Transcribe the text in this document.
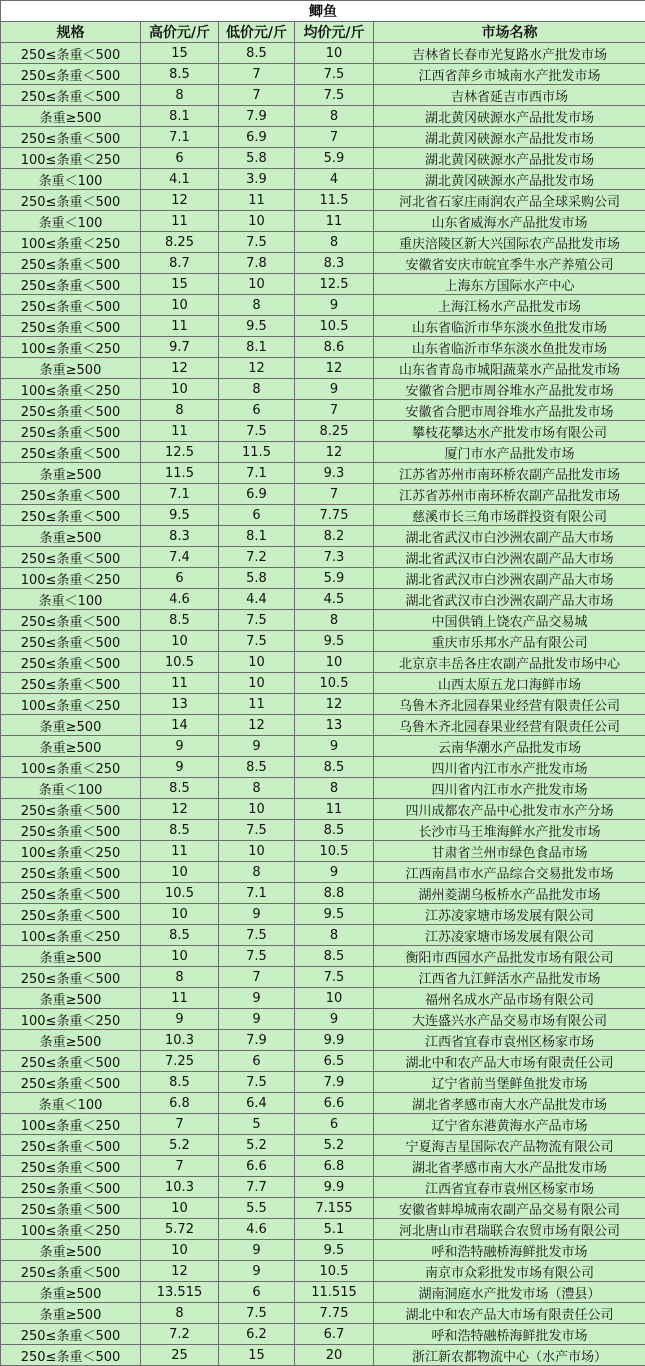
鲫鱼				
规格	高价元/斤	低价元/斤	均价元/斤	市场名称
250≤条重＜500	15	8.5	10	吉林省长春市光复路水产批发市场
250≤条重＜500	8.5	7	7.5	江西省萍乡市城南水产批发市场
250≤条重＜500	8	7	7.5	吉林省延吉市西市场
条重≥500	8.1	7.9	8	湖北黄冈硖源水产品批发市场
250≤条重＜500	7.1	6.9	7	湖北黄冈硖源水产品批发市场
100≤条重＜250	6	5.8	5.9	湖北黄冈硖源水产品批发市场
条重＜100	4.1	3.9	4	湖北黄冈硖源水产品批发市场
250≤条重＜500	12	11	11.5	河北省石家庄雨润农产品全球采购公司
条重＜100	11	10	11	山东省威海水产品批发市场
100≤条重＜250	8.25	7.5	8	重庆涪陵区新大兴国际农产品批发市场
250≤条重＜500	8.7	7.8	8.3	安徽省安庆市皖宜季牛水产养殖公司
250≤条重＜500	15	10	12.5	上海东方国际水产中心
250≤条重＜500	10	8	9	上海江杨水产品批发市场
250≤条重＜500	11	9.5	10.5	山东省临沂市华东淡水鱼批发市场
100≤条重＜250	9.7	8.1	8.6	山东省临沂市华东淡水鱼批发市场
条重≥500	12	12	12	山东省青岛市城阳蔬菜水产品批发市场
100≤条重＜250	10	8	9	安徽省合肥市周谷堆水产品批发市场
250≤条重＜500	8	6	7	安徽省合肥市周谷堆水产品批发市场
250≤条重＜500	11	7.5	8.25	攀枝花攀达水产批发市场有限公司
250≤条重＜500	12.5	11.5	12	厦门市水产品批发市场
条重≥500	11.5	7.1	9.3	江苏省苏州市南环桥农副产品批发市场
250≤条重＜500	7.1	6.9	7	江苏省苏州市南环桥农副产品批发市场
250≤条重＜500	9.5	6	7.75	慈溪市长三角市场群投资有限公司
条重≥500	8.3	8.1	8.2	湖北省武汉市白沙洲农副产品大市场
250≤条重＜500	7.4	7.2	7.3	湖北省武汉市白沙洲农副产品大市场
100≤条重＜250	6	5.8	5.9	湖北省武汉市白沙洲农副产品大市场
条重＜100	4.6	4.4	4.5	湖北省武汉市白沙洲农副产品大市场
250≤条重＜500	8.5	7.5	8	中国供销上饶农产品交易城
250≤条重＜500	10	7.5	9.5	重庆市乐邦水产品有限公司
250≤条重＜500	10.5	10	10	北京京丰岳各庄农副产品批发市场中心
250≤条重＜500	11	10	10.5	山西太原五龙口海鲜市场
100≤条重＜250	13	11	12	乌鲁木齐北园春果业经营有限责任公司
条重≥500	14	12	13	乌鲁木齐北园春果业经营有限责任公司
条重≥500	9	9	9	云南华潮水产品批发市场
100≤条重＜250	9	8.5	8.5	四川省内江市水产批发市场
条重＜100	8.5	8	8	四川省内江市水产批发市场
250≤条重＜500	12	10	11	四川成都农产品中心批发市水产分场
250≤条重＜500	8.5	7.5	8.5	长沙市马王堆海鲜水产批发市场
100≤条重＜250	11	10	10.5	甘肃省兰州市绿色食品市场
250≤条重＜500	10	8	9	江西南昌市水产品综合交易批发市场
250≤条重＜500	10.5	7.1	8.8	湖州菱湖乌板桥水产品批发市场
250≤条重＜500	10	9	9.5	江苏凌家塘市场发展有限公司
100≤条重＜250	8.5	7.5	8	江苏凌家塘市场发展有限公司
条重≥500	10	7.5	8.5	衡阳市西园水产品批发市场有限公司
250≤条重＜500	8	7	7.5	江西省九江鲜活水产品批发市场
条重≥500	11	9	10	福州名成水产品市场有限公司
100≤条重＜250	9	9	9	大连盛兴水产品交易市场有限公司
条重≥500	10.3	7.9	9.9	江西省宜春市袁州区杨家市场
250≤条重＜500	7.25	6	6.5	湖北中和农产品大市场有限责任公司
250≤条重＜500	8.5	7.5	7.9	辽宁省前当堡鲜鱼批发市场
条重＜100	6.8	6.4	6.6	湖北省孝感市南大水产品批发市场
100≤条重＜250	7	5	6	辽宁省东港黄海水产品市场
250≤条重＜500	5.2	5.2	5.2	宁夏海吉星国际农产品物流有限公司
250≤条重＜500	7	6.6	6.8	湖北省孝感市南大水产品批发市场
250≤条重＜500	10.3	7.7	9.9	江西省宜春市袁州区杨家市场
250≤条重＜500	10	5.5	7.155	安徽省蚌埠城南农副产品交易有限公司
100≤条重＜250	5.72	4.6	5.1	河北唐山市君瑞联合农贸市场有限公司
条重≥500	10	9	9.5	呼和浩特融桥海鲜批发市场
250≤条重＜500	12	9	10.5	南京市众彩批发市场有限公司
条重≥500	13.515	6	11.515	湖南洞庭水产批发市场（澧县）
条重≥500	8	7.5	7.75	湖北中和农产品大市场有限责任公司
250≤条重＜500	7.2	6.2	6.7	呼和浩特融桥海鲜批发市场
250≤条重＜500	25	15	20	浙江新农都物流中心（水产市场）
